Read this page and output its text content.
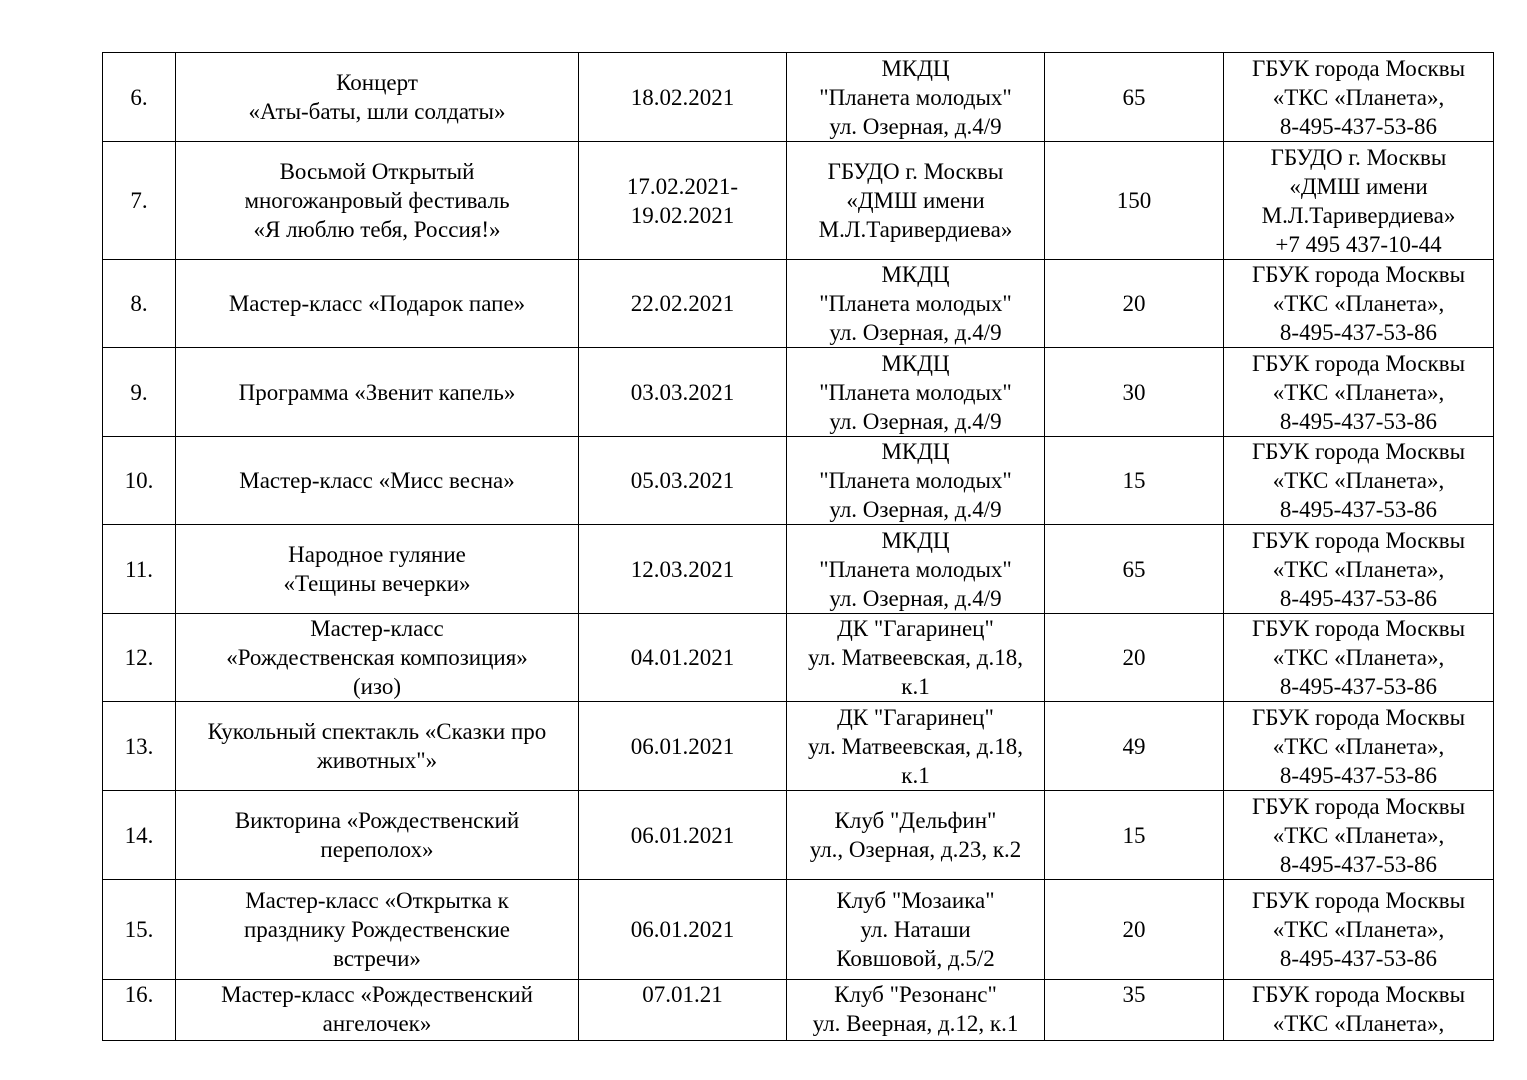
6.	Концерт
«Аты-баты, шли солдаты»	18.02.2021	МКДЦ
"Планета молодых"
ул. Озерная, д.4/9	65	ГБУК города Москвы
«ТКС «Планета»,
8-495-437-53-86

7.	Восьмой Открытый
многожанровый фестиваль
«Я люблю тебя, Россия!»	17.02.2021-
19.02.2021	ГБУДО г. Москвы
«ДМШ имени
М.Л.Таривердиева»	150	ГБУДО г. Москвы
«ДМШ имени
М.Л.Таривердиева»
+7 495 437-10-44

8.	Мастер-класс «Подарок папе»	22.02.2021	МКДЦ
"Планета молодых"
ул. Озерная, д.4/9	20	ГБУК города Москвы
«ТКС «Планета»,
8-495-437-53-86

9.	Программа «Звенит капель»	03.03.2021	МКДЦ
"Планета молодых"
ул. Озерная, д.4/9	30	ГБУК города Москвы
«ТКС «Планета»,
8-495-437-53-86

10.	Мастер-класс «Мисс весна»	05.03.2021	МКДЦ
"Планета молодых"
ул. Озерная, д.4/9	15	ГБУК города Москвы
«ТКС «Планета»,
8-495-437-53-86

11.	Народное гуляние
«Тещины вечерки»	12.03.2021	МКДЦ
"Планета молодых"
ул. Озерная, д.4/9	65	ГБУК города Москвы
«ТКС «Планета»,
8-495-437-53-86

12.	Мастер-класс
«Рождественская композиция»
(изо)	04.01.2021	ДК "Гагаринец"
ул. Матвеевская, д.18,
к.1	20	ГБУК города Москвы
«ТКС «Планета»,
8-495-437-53-86

13.	Кукольный спектакль «Сказки про
животных"»	06.01.2021	ДК "Гагаринец"
ул. Матвеевская, д.18,
к.1	49	ГБУК города Москвы
«ТКС «Планета»,
8-495-437-53-86

14.	Викторина «Рождественский
переполох»	06.01.2021	Клуб "Дельфин"
ул., Озерная, д.23, к.2	15	ГБУК города Москвы
«ТКС «Планета»,
8-495-437-53-86

15.	Мастер-класс «Открытка к
празднику Рождественские
встречи»	06.01.2021	Клуб "Мозаика"
ул. Наташи
Ковшовой, д.5/2	20	ГБУК города Москвы
«ТКС «Планета»,
8-495-437-53-86

16.	Мастер-класс «Рождественский
ангелочек»	07.01.21	Клуб "Резонанс"
ул. Веерная, д.12, к.1	35	ГБУК города Москвы
«ТКС «Планета»,
